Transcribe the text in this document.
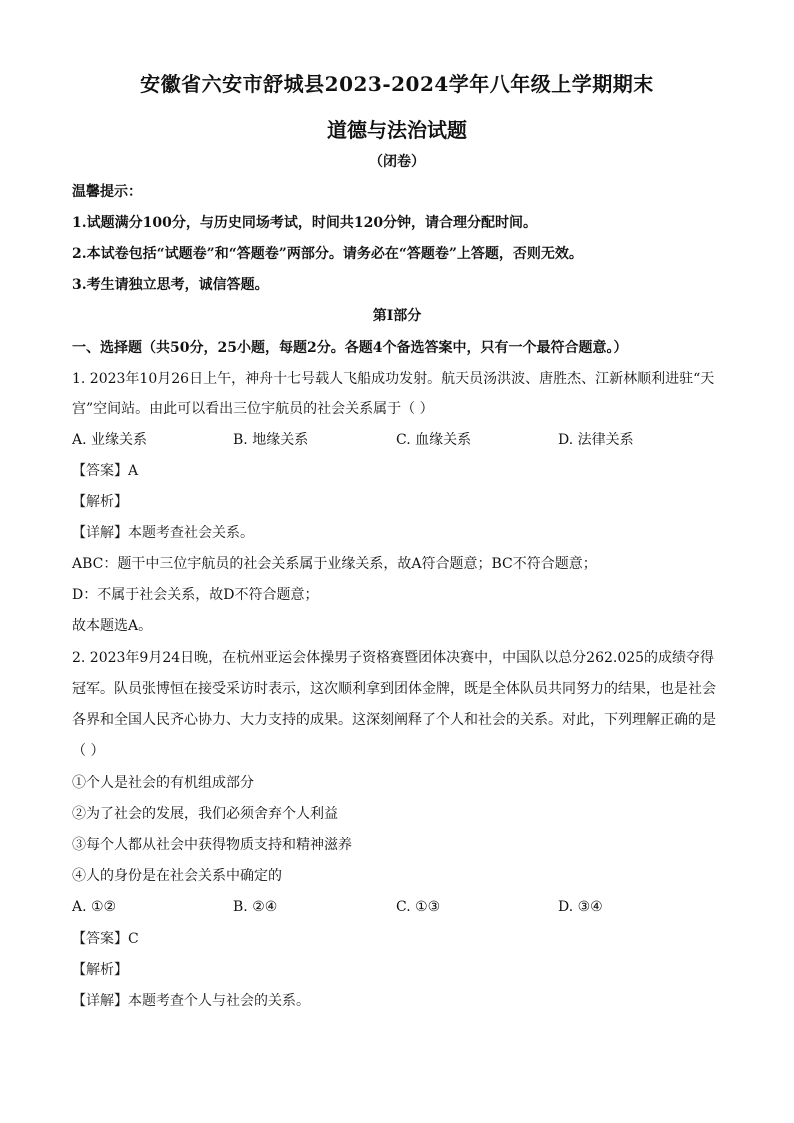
安徽省六安市舒城县2023-2024学年八年级上学期期末
道德与法治试题
（闭卷）
温馨提示：
1.试题满分100分，与历史同场考试，时间共120分钟，请合理分配时间。
2.本试卷包括“试题卷”和“答题卷”两部分。请务必在“答题卷”上答题，否则无效。
3.考生请独立思考，诚信答题。
第Ⅰ部分
一、选择题（共50分，25小题，每题2分。各题4个备选答案中，只有一个最符合题意。）
1. 2023年10月26日上午，神舟十七号载人飞船成功发射。航天员汤洪波、唐胜杰、江新林顺利进驻“天
宫”空间站。由此可以看出三位宇航员的社会关系属于（ ）
A. 业缘关系	B. 地缘关系	C. 血缘关系	D. 法律关系
【答案】A
【解析】
【详解】本题考查社会关系。
ABC：题干中三位宇航员的社会关系属于业缘关系，故A符合题意；BC不符合题意；
D：不属于社会关系，故D不符合题意；
故本题选A。
2. 2023年9月24日晚，在杭州亚运会体操男子资格赛暨团体决赛中，中国队以总分262.025的成绩夺得
冠军。队员张博恒在接受采访时表示，这次顺利拿到团体金牌，既是全体队员共同努力的结果，也是社会
各界和全国人民齐心协力、大力支持的成果。这深刻阐释了个人和社会的关系。对此，下列理解正确的是
（ ）
①个人是社会的有机组成部分
②为了社会的发展，我们必须舍弃个人利益
③每个人都从社会中获得物质支持和精神滋养
④人的身份是在社会关系中确定的
A. ①②	B. ②④	C. ①③	D. ③④
【答案】C
【解析】
【详解】本题考查个人与社会的关系。
